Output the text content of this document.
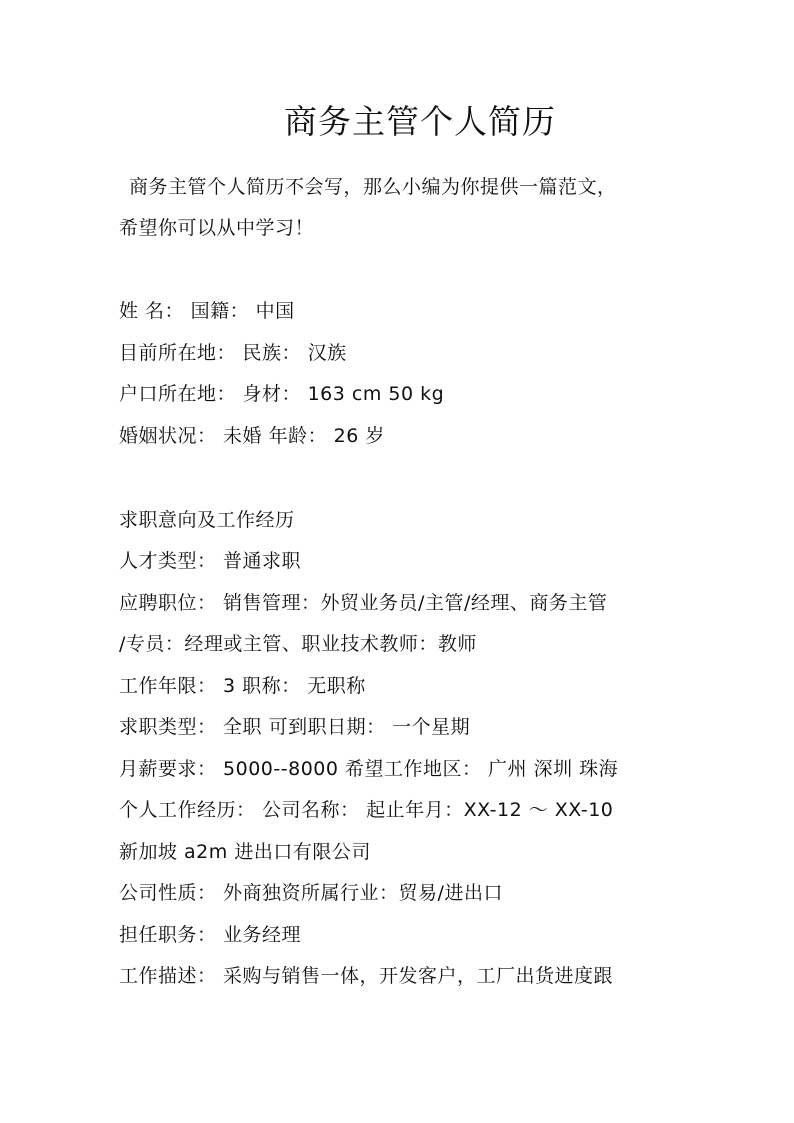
商务主管个人简历
商务主管个人简历不会写，那么小编为你提供一篇范文，
希望你可以从中学习！
姓 名： 国籍： 中国
目前所在地： 民族： 汉族
户口所在地： 身材： 163 cm 50 kg
婚姻状况： 未婚 年龄： 26 岁
求职意向及工作经历
人才类型： 普通求职
应聘职位： 销售管理：外贸业务员/主管/经理、商务主管
/专员：经理或主管、职业技术教师：教师
工作年限： 3 职称： 无职称
求职类型： 全职 可到职日期： 一个星期
月薪要求： 5000--8000 希望工作地区： 广州 深圳 珠海
个人工作经历： 公司名称： 起止年月：XX-12 ～ XX-10
新加坡 a2m 进出口有限公司
公司性质： 外商独资所属行业：贸易/进出口
担任职务： 业务经理
工作描述： 采购与销售一体，开发客户，工厂出货进度跟
